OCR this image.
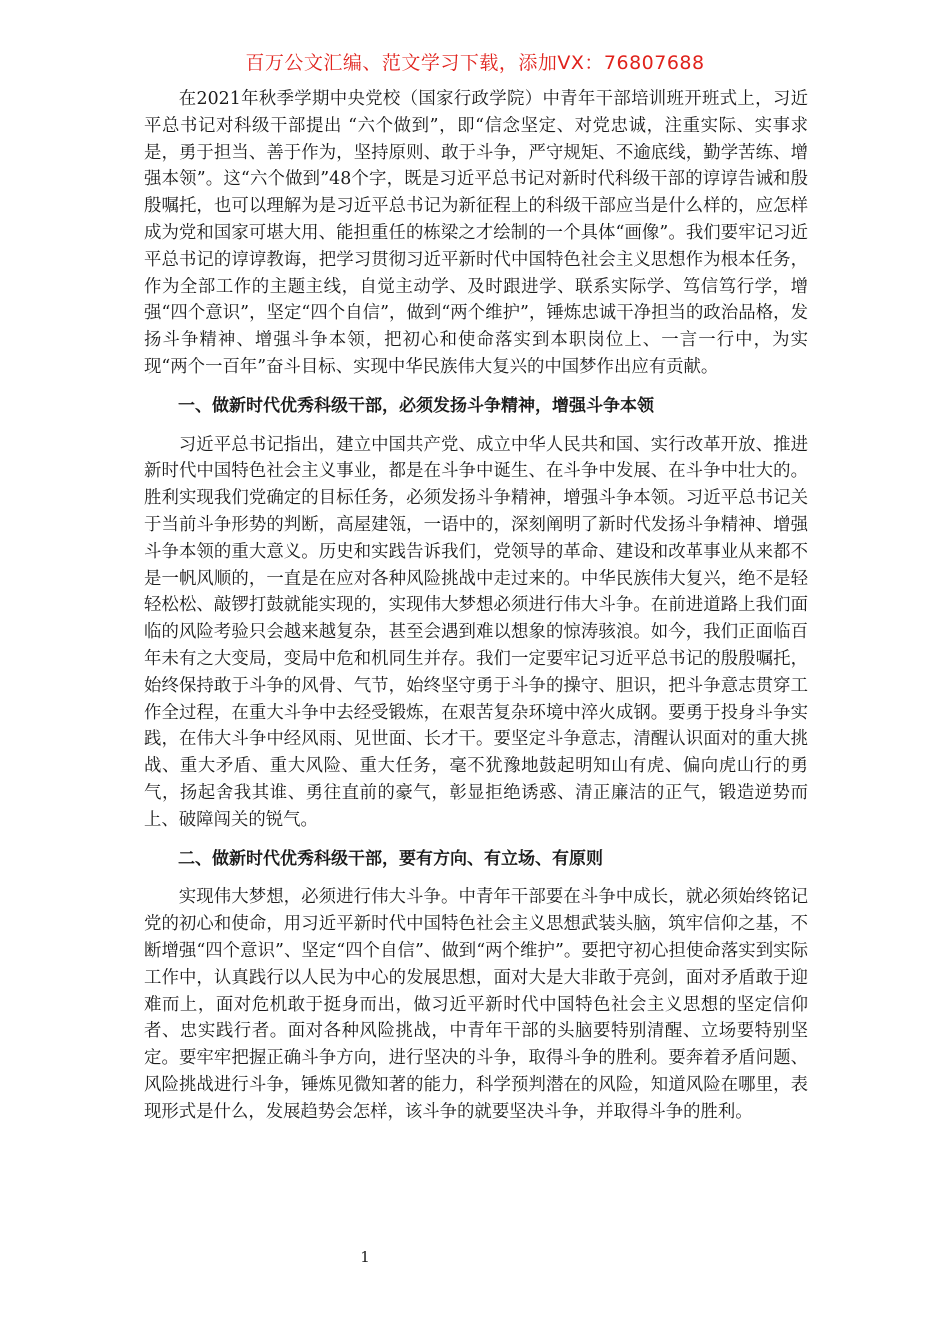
百万公文汇编、范文学习下载，添加VX：76807688

在2021年秋季学期中央党校（国家行政学院）中青年干部培训班开班式上，习近平总书记对科级干部提出 “六个做到”，即“信念坚定、对党忠诚，注重实际、实事求是，勇于担当、善于作为，坚持原则、敢于斗争，严守规矩、不逾底线，勤学苦练、增强本领”。这“六个做到”48个字，既是习近平总书记对新时代科级干部的谆谆告诫和殷殷嘱托，也可以理解为是习近平总书记为新征程上的科级干部应当是什么样的，应怎样成为党和国家可堪大用、能担重任的栋梁之才绘制的一个具体“画像”。我们要牢记习近平总书记的谆谆教诲，把学习贯彻习近平新时代中国特色社会主义思想作为根本任务，作为全部工作的主题主线，自觉主动学、及时跟进学、联系实际学、笃信笃行学，增强“四个意识”，坚定“四个自信”，做到“两个维护”，锤炼忠诚干净担当的政治品格，发扬斗争精神、增强斗争本领，把初心和使命落实到本职岗位上、一言一行中，为实现“两个一百年”奋斗目标、实现中华民族伟大复兴的中国梦作出应有贡献。

一、做新时代优秀科级干部，必须发扬斗争精神，增强斗争本领

习近平总书记指出，建立中国共产党、成立中华人民共和国、实行改革开放、推进新时代中国特色社会主义事业，都是在斗争中诞生、在斗争中发展、在斗争中壮大的。胜利实现我们党确定的目标任务，必须发扬斗争精神，增强斗争本领。习近平总书记关于当前斗争形势的判断，高屋建瓴，一语中的，深刻阐明了新时代发扬斗争精神、增强斗争本领的重大意义。历史和实践告诉我们，党领导的革命、建设和改革事业从来都不是一帆风顺的，一直是在应对各种风险挑战中走过来的。中华民族伟大复兴，绝不是轻轻松松、敲锣打鼓就能实现的，实现伟大梦想必须进行伟大斗争。在前进道路上我们面临的风险考验只会越来越复杂，甚至会遇到难以想象的惊涛骇浪。如今，我们正面临百年未有之大变局，变局中危和机同生并存。我们一定要牢记习近平总书记的殷殷嘱托，始终保持敢于斗争的风骨、气节，始终坚守勇于斗争的操守、胆识，把斗争意志贯穿工作全过程，在重大斗争中去经受锻炼，在艰苦复杂环境中淬火成钢。要勇于投身斗争实践，在伟大斗争中经风雨、见世面、长才干。要坚定斗争意志，清醒认识面对的重大挑战、重大矛盾、重大风险、重大任务，毫不犹豫地鼓起明知山有虎、偏向虎山行的勇气，扬起舍我其谁、勇往直前的豪气，彰显拒绝诱惑、清正廉洁的正气，锻造逆势而上、破障闯关的锐气。

二、做新时代优秀科级干部，要有方向、有立场、有原则

实现伟大梦想，必须进行伟大斗争。中青年干部要在斗争中成长，就必须始终铭记党的初心和使命，用习近平新时代中国特色社会主义思想武装头脑，筑牢信仰之基，不断增强“四个意识”、坚定“四个自信”、做到“两个维护”。要把守初心担使命落实到实际工作中，认真践行以人民为中心的发展思想，面对大是大非敢于亮剑，面对矛盾敢于迎难而上，面对危机敢于挺身而出，做习近平新时代中国特色社会主义思想的坚定信仰者、忠实践行者。面对各种风险挑战，中青年干部的头脑要特别清醒、立场要特别坚定。要牢牢把握正确斗争方向，进行坚决的斗争，取得斗争的胜利。要奔着矛盾问题、风险挑战进行斗争，锤炼见微知著的能力，科学预判潜在的风险，知道风险在哪里，表现形式是什么，发展趋势会怎样，该斗争的就要坚决斗争，并取得斗争的胜利。

1
